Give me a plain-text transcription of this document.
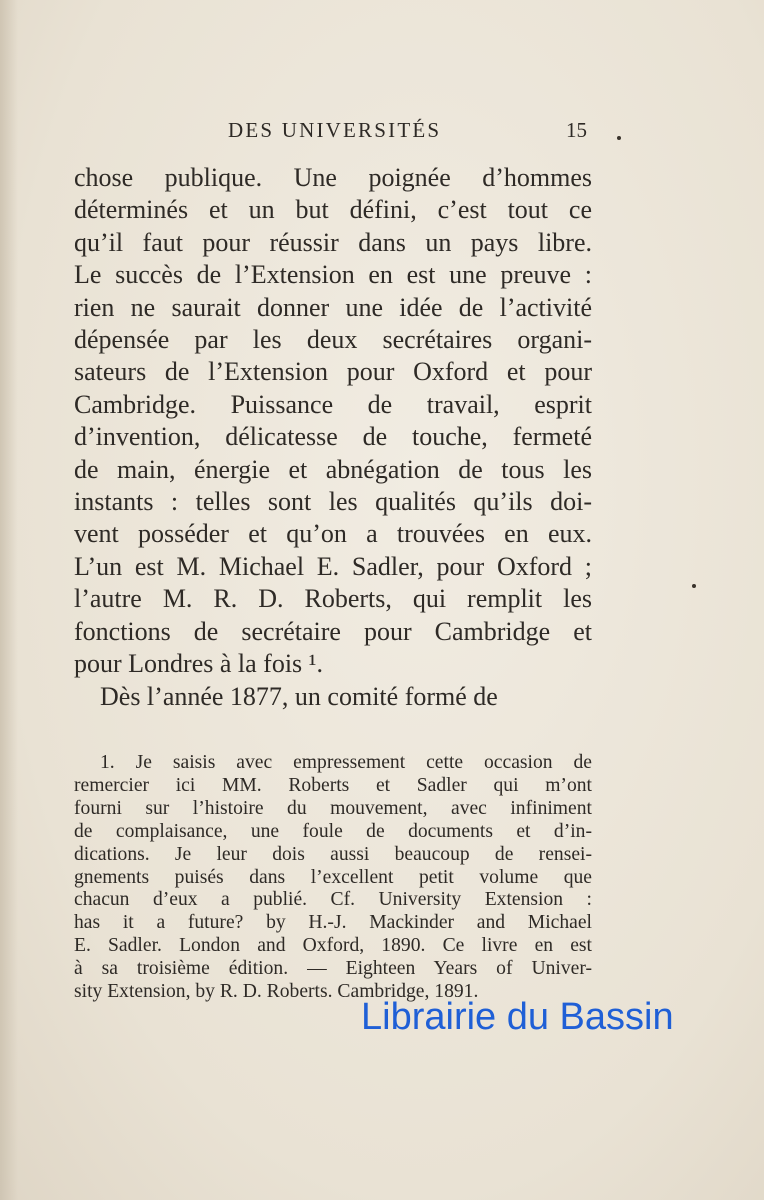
DES UNIVERSITÉS	15
chose publique. Une poignée d’hommes
déterminés et un but défini, c’est tout ce
qu’il faut pour réussir dans un pays libre.
Le succès de l’Extension en est une preuve :
rien ne saurait donner une idée de l’activité
dépensée par les deux secrétaires organi-
sateurs de l’Extension pour Oxford et pour
Cambridge. Puissance de travail, esprit
d’invention, délicatesse de touche, fermeté
de main, énergie et abnégation de tous les
instants : telles sont les qualités qu’ils doi-
vent posséder et qu’on a trouvées en eux.
L’un est M. Michael E. Sadler, pour Oxford ;
l’autre M. R. D. Roberts, qui remplit les
fonctions de secrétaire pour Cambridge et
pour Londres à la fois ¹.
Dès l’année 1877, un comité formé de
1. Je saisis avec empressement cette occasion de
remercier ici MM. Roberts et Sadler qui m’ont
fourni sur l’histoire du mouvement, avec infiniment
de complaisance, une foule de documents et d’in-
dications. Je leur dois aussi beaucoup de rensei-
gnements puisés dans l’excellent petit volume que
chacun d’eux a publié. Cf. University Extension :
has it a future? by H.-J. Mackinder and Michael
E. Sadler. London and Oxford, 1890. Ce livre en est
à sa troisième édition. — Eighteen Years of Univer-
sity Extension, by R. D. Roberts. Cambridge, 1891.
Librairie du Bassin
